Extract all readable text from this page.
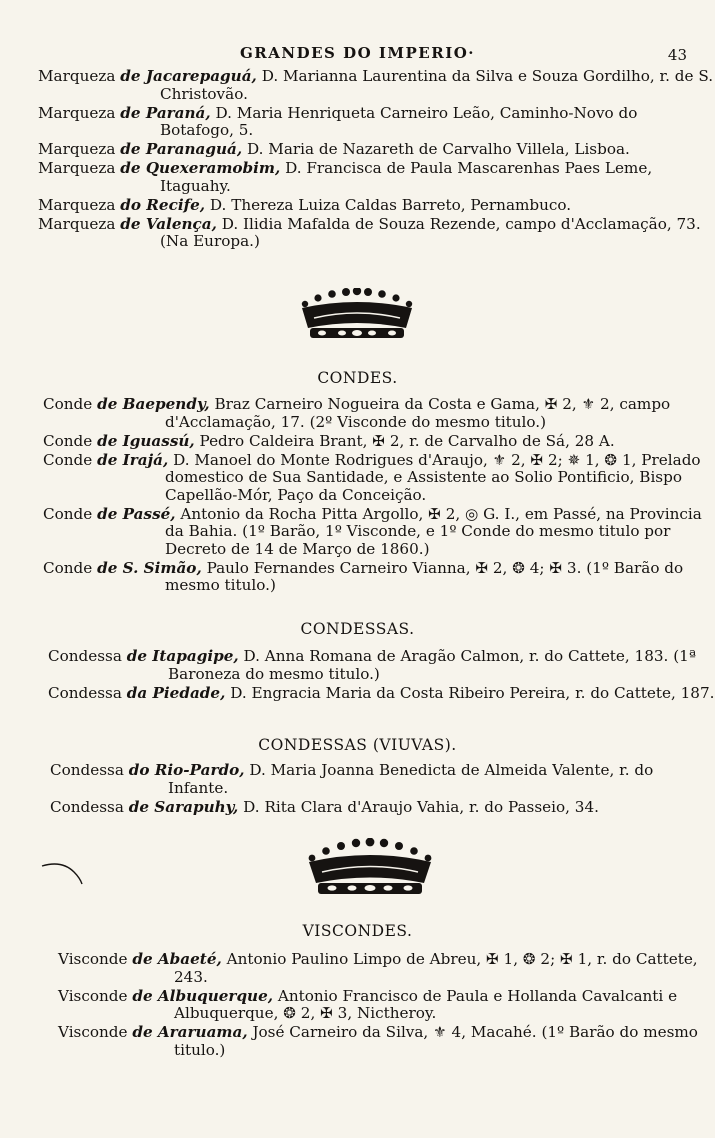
GRANDES DO IMPERIO·	43

Marqueza de Jacarepaguá, D. Marianna Laurentina da Silva e Souza Gordilho, r. de S. Christovão.

Marqueza de Paraná, D. Maria Henriqueta Carneiro Leão, Caminho-Novo do Botafogo, 5.

Marqueza de Paranaguá, D. Maria de Nazareth de Carvalho Villela, Lisboa.

Marqueza de Quexeramobim, D. Francisca de Paula Mascarenhas Paes Leme, Itaguahy.

Marqueza do Recife, D. Thereza Luiza Caldas Barreto, Pernambuco.

Marqueza de Valença, D. Ilidia Mafalda de Souza Rezende, campo d'Acclamação, 73. (Na Europa.)

CONDES.

Conde de Baependy, Braz Carneiro Nogueira da Costa e Gama, ✠ 2, ⚜ 2, campo d'Acclamação, 17. (2º Visconde do mesmo titulo.)

Conde de Iguassú, Pedro Caldeira Brant, ✠ 2, r. de Carvalho de Sá, 28 A.

Conde de Irajá, D. Manoel do Monte Rodrigues d'Araujo, ⚜ 2, ✠ 2; ✵ 1, ❂ 1, Prelado domestico de Sua Santidade, e Assistente ao Solio Pontificio, Bispo Capellão-Mór, Paço da Conceição.

Conde de Passé, Antonio da Rocha Pitta Argollo, ✠ 2, ◎ G. I., em Passé, na Provincia da Bahia. (1º Barão, 1º Visconde, e 1º Conde do mesmo titulo por Decreto de 14 de Março de 1860.)

Conde de S. Simão, Paulo Fernandes Carneiro Vianna, ✠ 2, ❂ 4; ✠ 3. (1º Barão do mesmo titulo.)

CONDESSAS.

Condessa de Itapagipe, D. Anna Romana de Aragão Calmon, r. do Cattete, 183. (1ª Baroneza do mesmo titulo.)

Condessa da Piedade, D. Engracia Maria da Costa Ribeiro Pereira, r. do Cattete, 187.

CONDESSAS (VIUVAS).

Condessa do Rio-Pardo, D. Maria Joanna Benedicta de Almeida Valente, r. do Infante.

Condessa de Sarapuhy, D. Rita Clara d'Araujo Vahia, r. do Passeio, 34.

VISCONDES.

Visconde de Abaeté, Antonio Paulino Limpo de Abreu, ✠ 1, ❂ 2; ✠ 1, r. do Cattete, 243.

Visconde de Albuquerque, Antonio Francisco de Paula e Hollanda Cavalcanti e Albuquerque, ❂ 2, ✠ 3, Nictheroy.

Visconde de Araruama, José Carneiro da Silva, ⚜ 4, Macahé. (1º Barão do mesmo titulo.)
